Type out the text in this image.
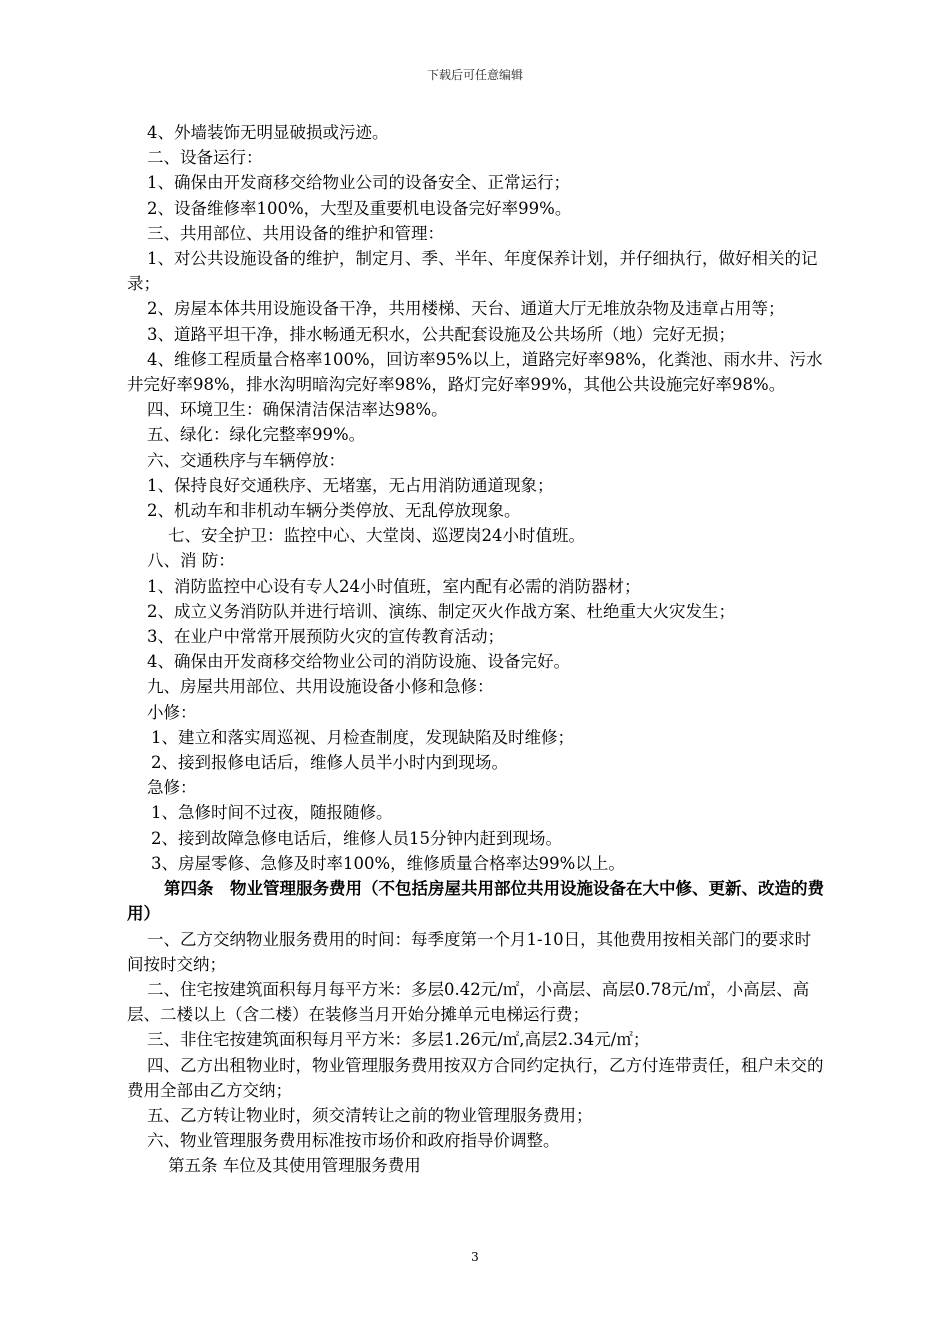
下载后可任意编辑
4、外墙装饰无明显破损或污迹。
二、设备运行：
1、确保由开发商移交给物业公司的设备安全、正常运行；
2、设备维修率100%，大型及重要机电设备完好率99%。
三、共用部位、共用设备的维护和管理：
1、对公共设施设备的维护，制定月、季、半年、年度保养计划，并仔细执行，做好相关的记录；
2、房屋本体共用设施设备干净，共用楼梯、天台、通道大厅无堆放杂物及违章占用等；
3、道路平坦干净，排水畅通无积水，公共配套设施及公共场所（地）完好无损；
4、维修工程质量合格率100%，回访率95%以上，道路完好率98%，化粪池、雨水井、污水井完好率98%，排水沟明暗沟完好率98%，路灯完好率99%，其他公共设施完好率98%。
四、环境卫生：确保清洁保洁率达98%。
五、绿化：绿化完整率99%。
六、交通秩序与车辆停放：
1、保持良好交通秩序、无堵塞，无占用消防通道现象；
2、机动车和非机动车辆分类停放、无乱停放现象。
七、安全护卫：监控中心、大堂岗、巡逻岗24小时值班。
八、消 防：
1、消防监控中心设有专人24小时值班，室内配有必需的消防器材；
2、成立义务消防队并进行培训、演练、制定灭火作战方案、杜绝重大火灾发生；
3、在业户中常常开展预防火灾的宣传教育活动；
4、确保由开发商移交给物业公司的消防设施、设备完好。
九、房屋共用部位、共用设施设备小修和急修：
小修：
1、建立和落实周巡视、月检查制度，发现缺陷及时维修；
2、接到报修电话后，维修人员半小时内到现场。
急修：
1、急修时间不过夜，随报随修。
2、接到故障急修电话后，维修人员15分钟内赶到现场。
3、房屋零修、急修及时率100%，维修质量合格率达99%以上。
第四条　物业管理服务费用（不包括房屋共用部位共用设施设备在大中修、更新、改造的费用）
一、乙方交纳物业服务费用的时间：每季度第一个月1-10日，其他费用按相关部门的要求时间按时交纳；
二、住宅按建筑面积每月每平方米：多层0.42元/㎡，小高层、高层0.78元/㎡，小高层、高层、二楼以上（含二楼）在装修当月开始分摊单元电梯运行费；
三、非住宅按建筑面积每月平方米：多层1.26元/㎡,高层2.34元/㎡；
四、乙方出租物业时，物业管理服务费用按双方合同约定执行，乙方付连带责任，租户未交的费用全部由乙方交纳；
五、乙方转让物业时，须交清转让之前的物业管理服务费用；
六、物业管理服务费用标准按市场价和政府指导价调整。
第五条 车位及其使用管理服务费用
3
